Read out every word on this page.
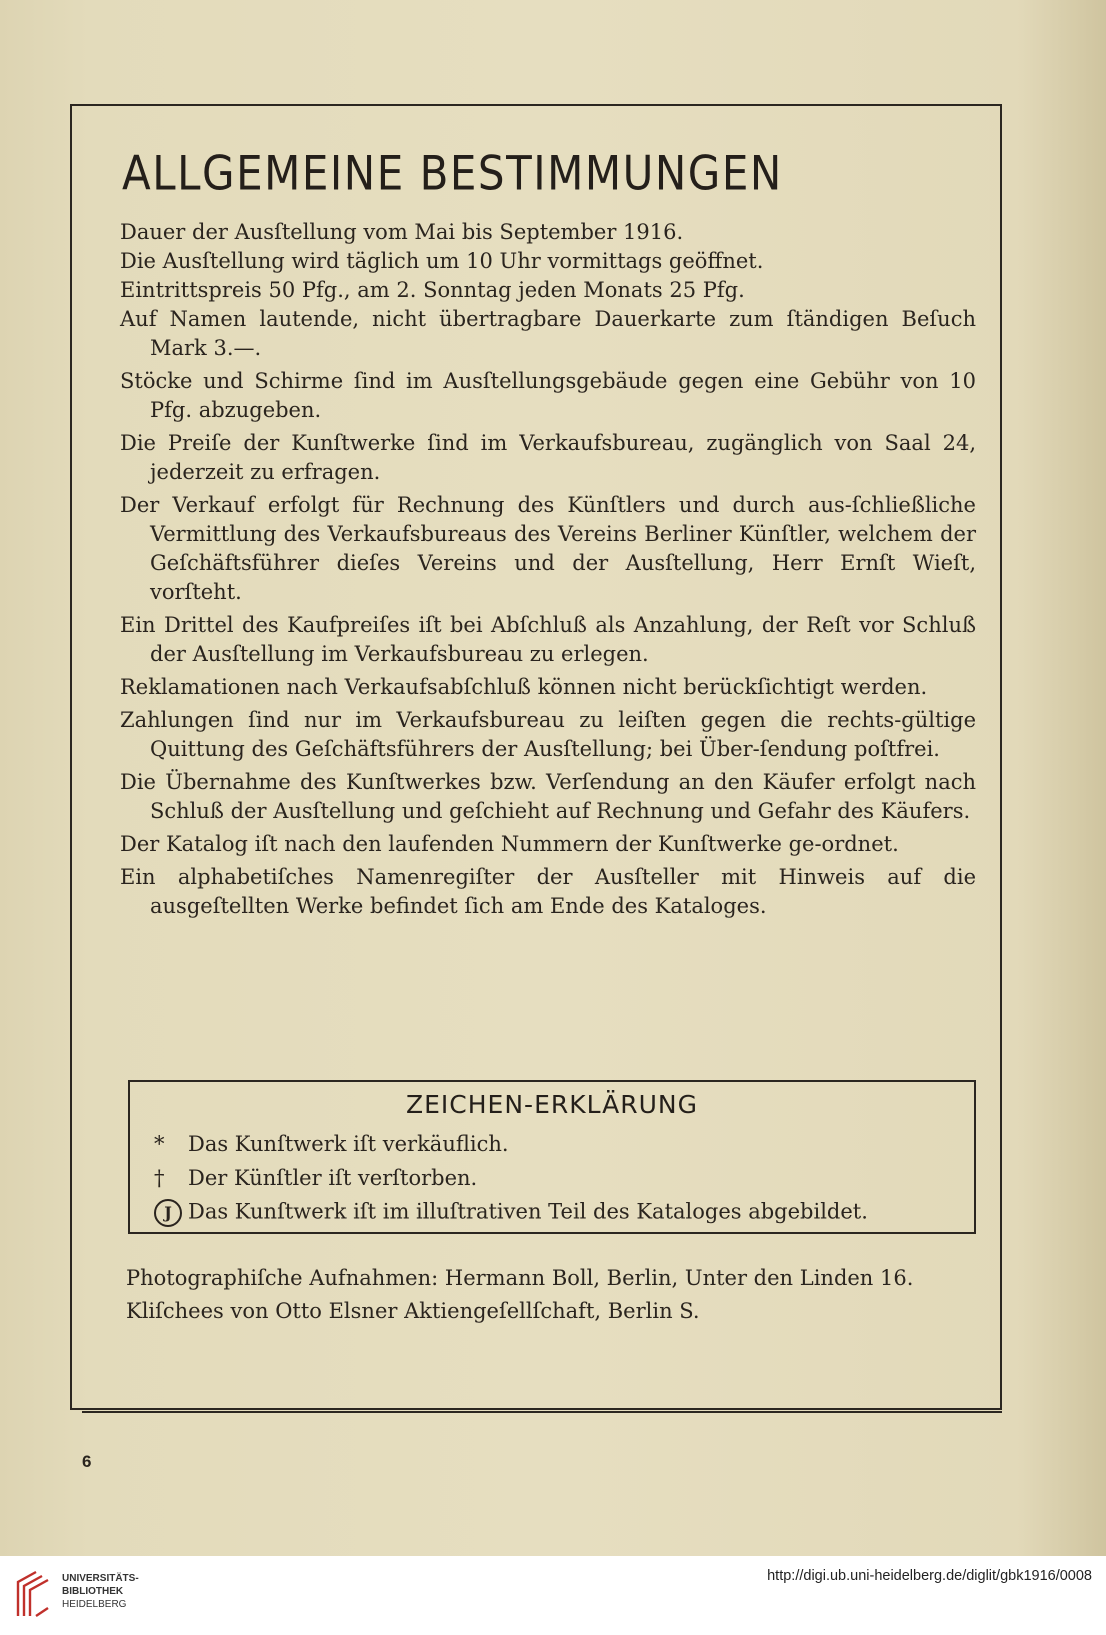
ALLGEMEINE BESTIMMUNGEN

Dauer der Ausſtellung vom Mai bis September 1916.

Die Ausſtellung wird täglich um 10 Uhr vormittags geöffnet.

Eintrittspreis 50 Pfg., am 2. Sonntag jeden Monats 25 Pfg.

Auf Namen lautende, nicht übertragbare Dauerkarte zum ſtändigen Beſuch Mark 3.—.

Stöcke und Schirme ſind im Ausſtellungsgebäude gegen eine Gebühr von 10 Pfg. abzugeben.

Die Preiſe der Kunſtwerke ſind im Verkaufsbureau, zugänglich von Saal 24, jederzeit zu erfragen.

Der Verkauf erfolgt für Rechnung des Künſtlers und durch aus-ſchließliche Vermittlung des Verkaufsbureaus des Vereins Berliner Künſtler, welchem der Geſchäftsführer dieſes Vereins und der Ausſtellung, Herr Ernſt Wieſt, vorſteht.

Ein Drittel des Kaufpreiſes iſt bei Abſchluß als Anzahlung, der Reſt vor Schluß der Ausſtellung im Verkaufsbureau zu erlegen.

Reklamationen nach Verkaufsabſchluß können nicht berückſichtigt werden.

Zahlungen ſind nur im Verkaufsbureau zu leiſten gegen die rechts-gültige Quittung des Geſchäftsführers der Ausſtellung; bei Über-ſendung poſtfrei.

Die Übernahme des Kunſtwerkes bzw. Verſendung an den Käufer erfolgt nach Schluß der Ausſtellung und geſchieht auf Rechnung und Gefahr des Käufers.

Der Katalog iſt nach den laufenden Nummern der Kunſtwerke ge-ordnet.

Ein alphabetiſches Namenregiſter der Ausſteller mit Hinweis auf die ausgeſtellten Werke befindet ſich am Ende des Kataloges.

ZEICHEN-ERKLÄRUNG
* Das Kunſtwerk iſt verkäuflich.
† Der Künſtler iſt verſtorben.
J Das Kunſtwerk iſt im illuſtrativen Teil des Kataloges abgebildet.

Photographiſche Aufnahmen: Hermann Boll, Berlin, Unter den Linden 16.

Kliſchees von Otto Elsner Aktiengeſellſchaft, Berlin S.

6
UNIVERSITÄTS-
BIBLIOTHEK
HEIDELBERG
http://digi.ub.uni-heidelberg.de/diglit/gbk1916/0008
